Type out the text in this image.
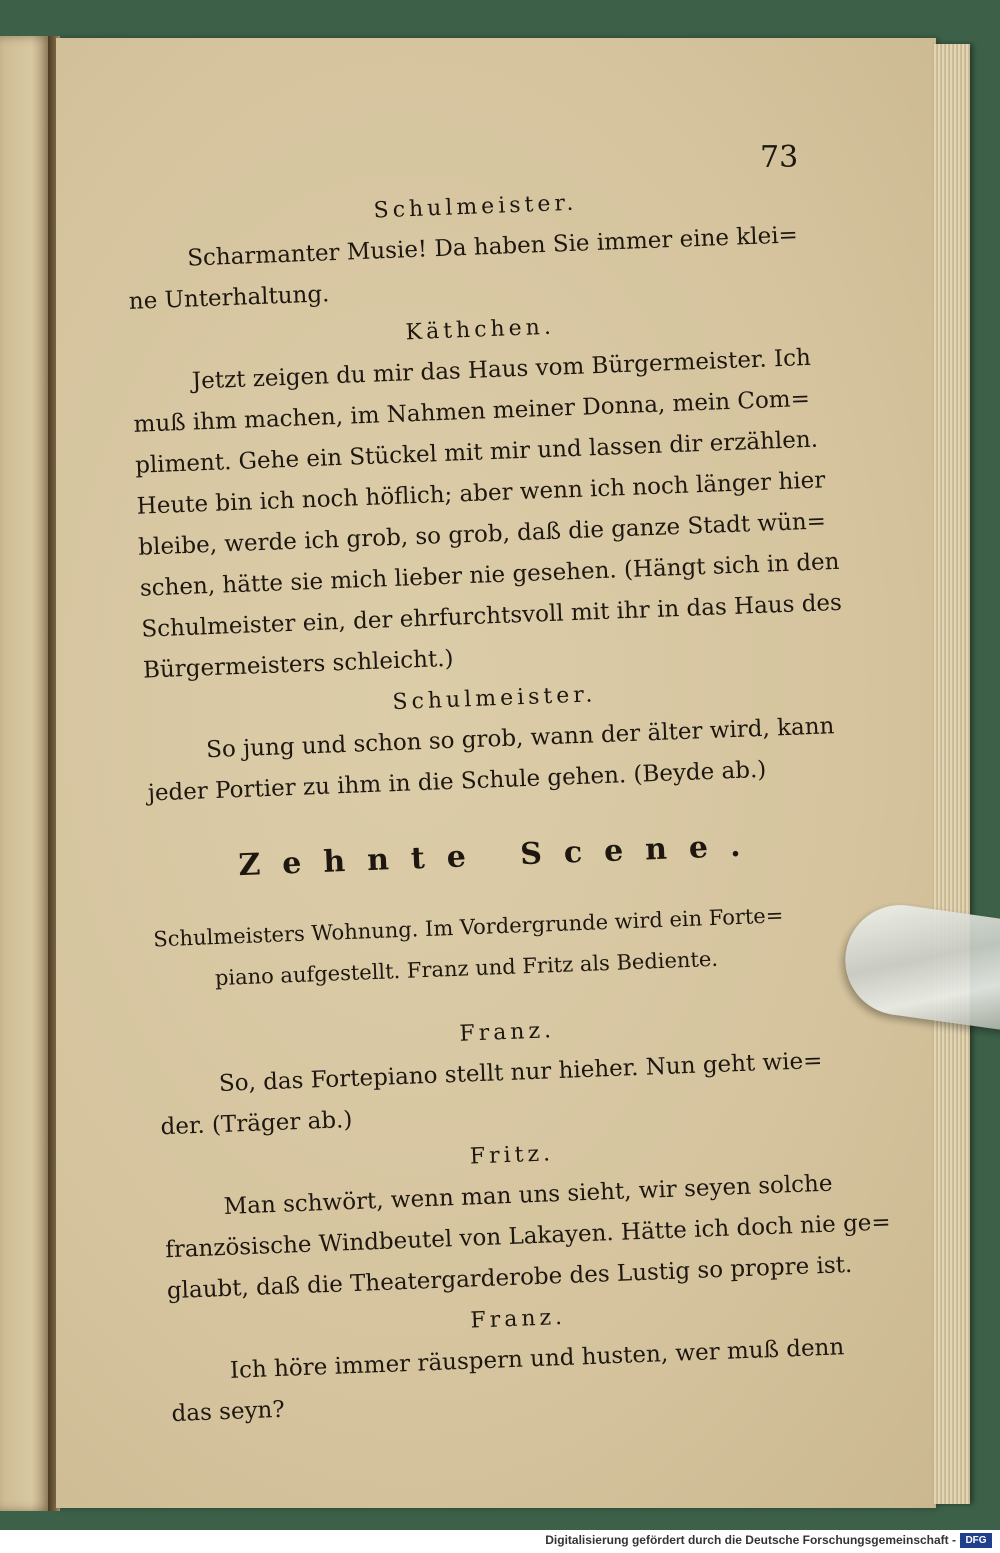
73
Schulmeister.
Scharmanter Musie! Da haben Sie immer eine klei=
ne Unterhaltung.
Käthchen.
Jetzt zeigen du mir das Haus vom Bürgermeister. Ich
muß ihm machen, im Nahmen meiner Donna, mein Com=
pliment. Gehe ein Stückel mit mir und lassen dir erzählen.
Heute bin ich noch höflich; aber wenn ich noch länger hier
bleibe, werde ich grob, so grob, daß die ganze Stadt wün=
schen, hätte sie mich lieber nie gesehen. (Hängt sich in den
Schulmeister ein, der ehrfurchtsvoll mit ihr in das Haus des
Bürgermeisters schleicht.)
Schulmeister.
So jung und schon so grob, wann der älter wird, kann
jeder Portier zu ihm in die Schule gehen. (Beyde ab.)
Zehnte Scene.
Schulmeisters Wohnung. Im Vordergrunde wird ein Forte=
piano aufgestellt. Franz und Fritz als Bediente.
Franz.
So, das Fortepiano stellt nur hieher. Nun geht wie=
der. (Träger ab.)
Fritz.
Man schwört, wenn man uns sieht, wir seyen solche
französische Windbeutel von Lakayen. Hätte ich doch nie ge=
glaubt, daß die Theatergarderobe des Lustig so propre ist.
Franz.
Ich höre immer räuspern und husten, wer muß denn
das seyn?
Digitalisierung gefördert durch die Deutsche Forschungsgemeinschaft - DFG
